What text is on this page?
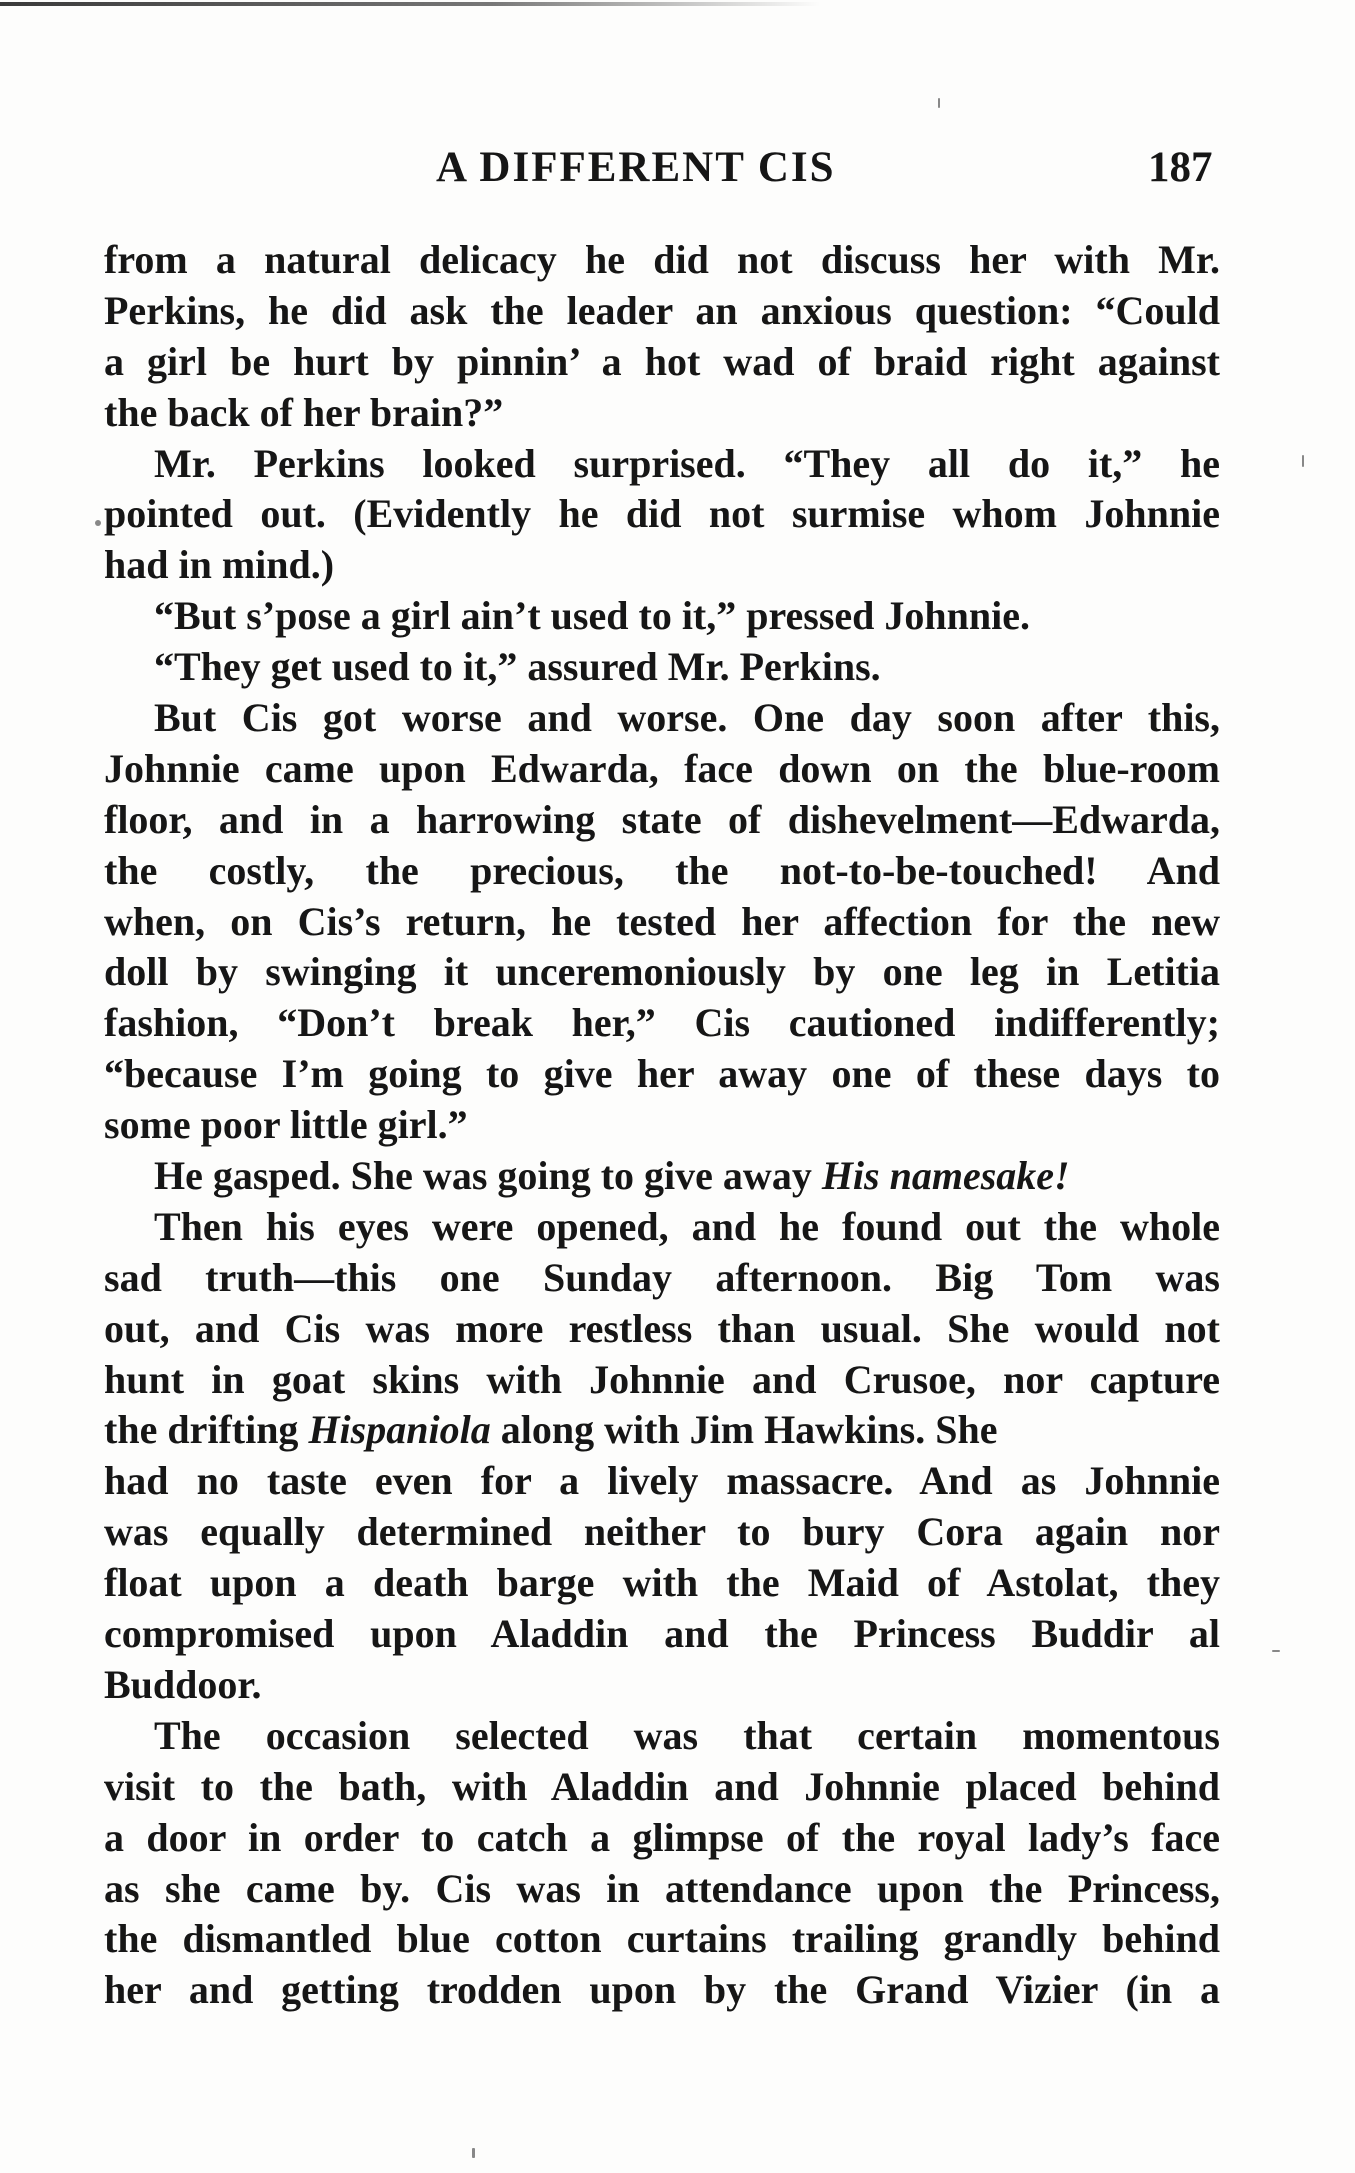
A DIFFERENT CIS	187
from a natural delicacy he did not discuss her with Mr.
Perkins, he did ask the leader an anxious question: “Could
a girl be hurt by pinnin’ a hot wad of braid right against
the back of her brain?”
Mr. Perkins looked surprised. “They all do it,” he
pointed out. (Evidently he did not surmise whom Johnnie
had in mind.)
“But s’pose a girl ain’t used to it,” pressed Johnnie.
“They get used to it,” assured Mr. Perkins.
But Cis got worse and worse. One day soon after this,
Johnnie came upon Edwarda, face down on the blue-room
floor, and in a harrowing state of dishevelment—Edwarda,
the costly, the precious, the not-to-be-touched! And
when, on Cis’s return, he tested her affection for the new
doll by swinging it unceremoniously by one leg in Letitia
fashion, “Don’t break her,” Cis cautioned indifferently;
“because I’m going to give her away one of these days to
some poor little girl.”
He gasped. She was going to give away His namesake!
Then his eyes were opened, and he found out the whole
sad truth—this one Sunday afternoon. Big Tom was
out, and Cis was more restless than usual. She would not
hunt in goat skins with Johnnie and Crusoe, nor capture
the drifting Hispaniola along with Jim Hawkins. She
had no taste even for a lively massacre. And as Johnnie
was equally determined neither to bury Cora again nor
float upon a death barge with the Maid of Astolat, they
compromised upon Aladdin and the Princess Buddir al
Buddoor.
The occasion selected was that certain momentous
visit to the bath, with Aladdin and Johnnie placed behind
a door in order to catch a glimpse of the royal lady’s face
as she came by. Cis was in attendance upon the Princess,
the dismantled blue cotton curtains trailing grandly behind
her and getting trodden upon by the Grand Vizier (in a
